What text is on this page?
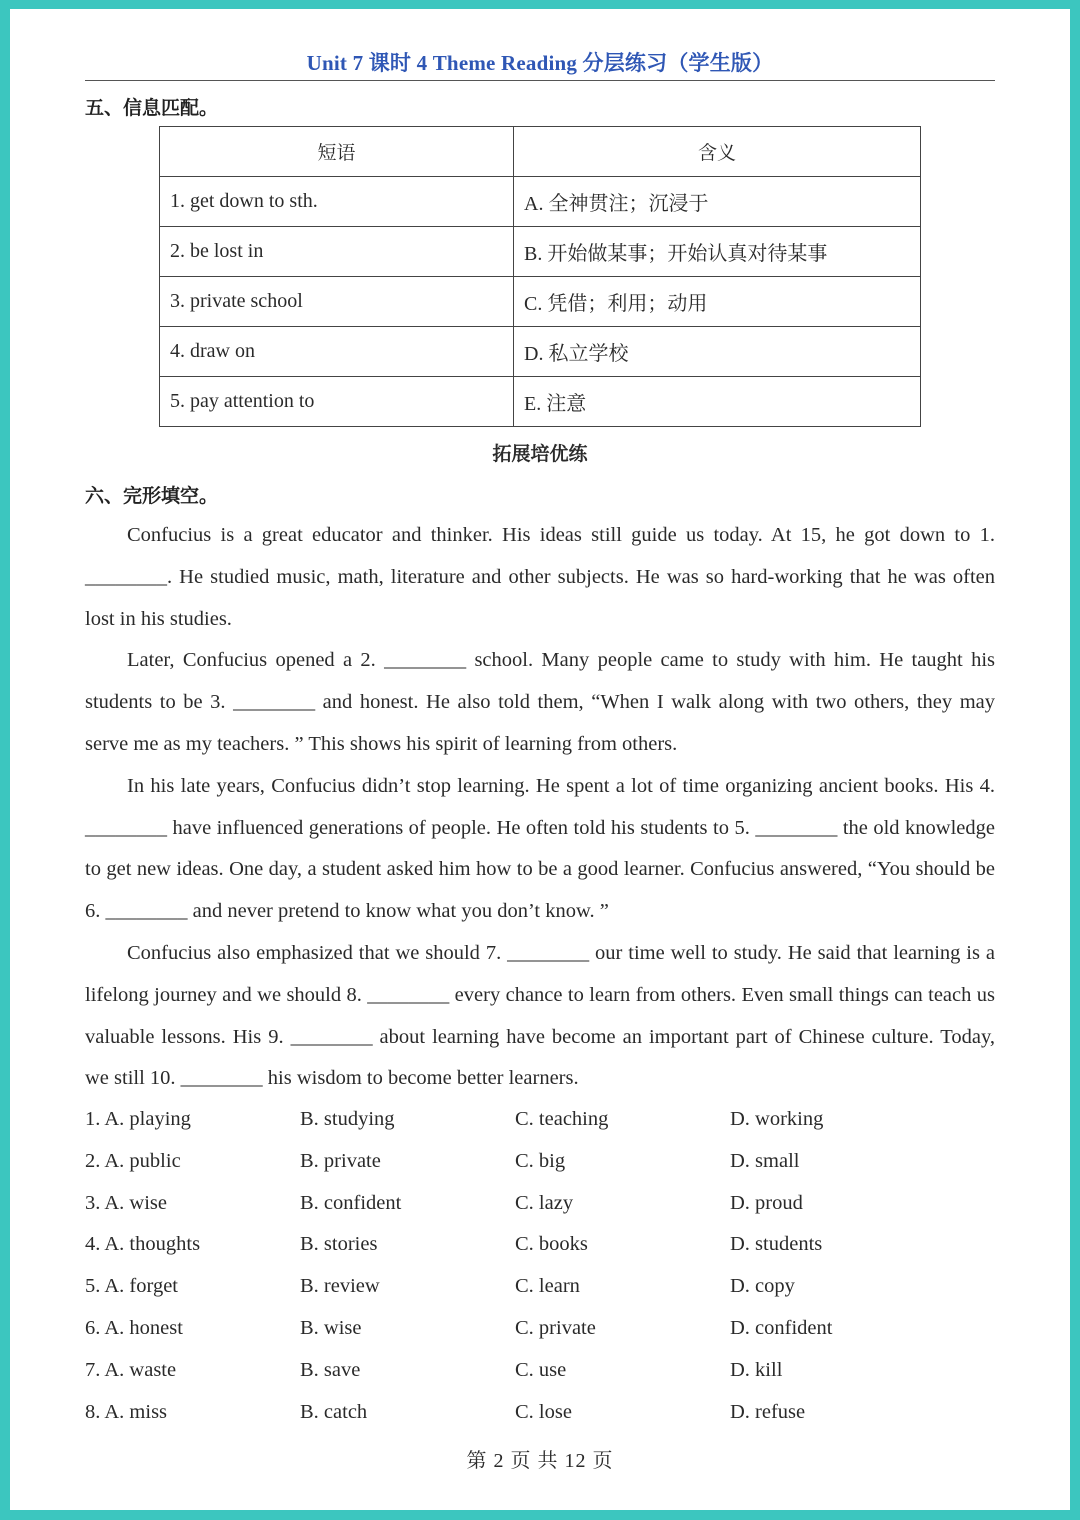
Unit 7 课时 4 Theme Reading 分层练习（学生版）
五、信息匹配。
短语	含义
1. get down to sth.	A. 全神贯注；沉浸于
2. be lost in	B. 开始做某事；开始认真对待某事
3. private school	C. 凭借；利用；动用
4. draw on	D. 私立学校
5. pay attention to	E. 注意
拓展培优练
六、完形填空。

Confucius is a great educator and thinker. His ideas still guide us today. At 15, he got down to 1. ________. He studied music, math, literature and other subjects. He was so hard-working that he was often lost in his studies.

Later, Confucius opened a 2. ________ school. Many people came to study with him. He taught his students to be 3. ________ and honest. He also told them, “When I walk along with two others, they may serve me as my teachers. ” This shows his spirit of learning from others.

In his late years, Confucius didn’t stop learning. He spent a lot of time organizing ancient books. His 4. ________ have influenced generations of people. He often told his students to 5. ________ the old knowledge to get new ideas. One day, a student asked him how to be a good learner. Confucius answered, “You should be 6. ________ and never pretend to know what you don’t know. ”

Confucius also emphasized that we should 7. ________ our time well to study. He said that learning is a lifelong journey and we should 8. ________ every chance to learn from others. Even small things can teach us valuable lessons. His 9. ________ about learning have become an important part of Chinese culture. Today, we still 10. ________ his wisdom to become better learners.

1. A. playing	B. studying	C. teaching	D. working
2. A. public	B. private	C. big	D. small
3. A. wise	B. confident	C. lazy	D. proud
4. A. thoughts	B. stories	C. books	D. students
5. A. forget	B. review	C. learn	D. copy
6. A. honest	B. wise	C. private	D. confident
7. A. waste	B. save	C. use	D. kill
8. A. miss	B. catch	C. lose	D. refuse
第 2 页 共 12 页
